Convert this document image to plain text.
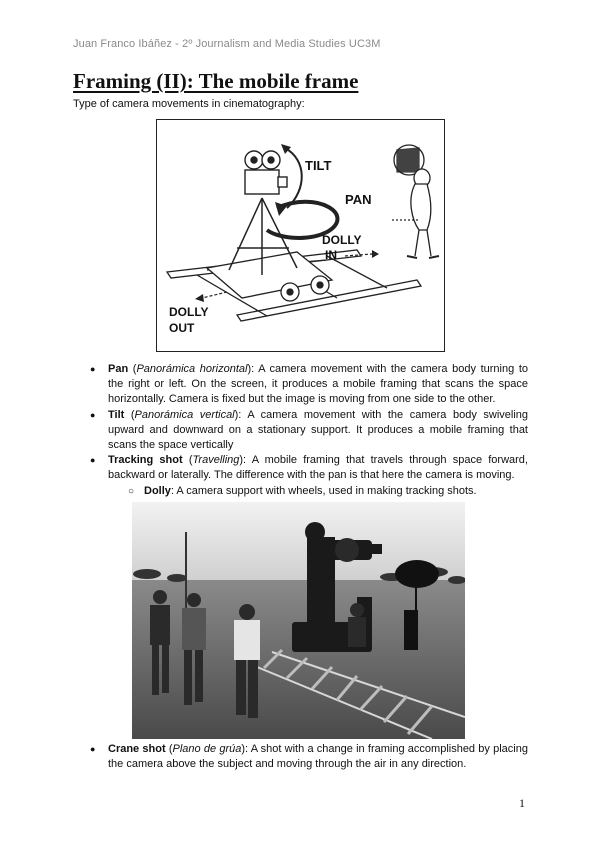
Juan Franco Ibáñez - 2º Journalism and Media Studies UC3M
Framing (II): The mobile frame
Type of camera movements in cinematography:
TILT
PAN
DOLLY
IN
DOLLY
OUT
● Pan (Panorámica horizontal): A camera movement with the camera body turning to the right or left. On the screen, it produces a mobile framing that scans the space horizontally. Camera is fixed but the image is moving from one side to the other.
● Tilt (Panorámica vertical): A camera movement with the camera body swiveling upward and downward on a stationary support. It produces a mobile framing that scans the space vertically
● Tracking shot (Travelling): A mobile framing that travels through space forward, backward or laterally. The difference with the pan is that here the camera is moving.
○ Dolly: A camera support with wheels, used in making tracking shots.
● Crane shot (Plano de grúa): A shot with a change in framing accomplished by placing the camera above the subject and moving through the air in any direction.
1
